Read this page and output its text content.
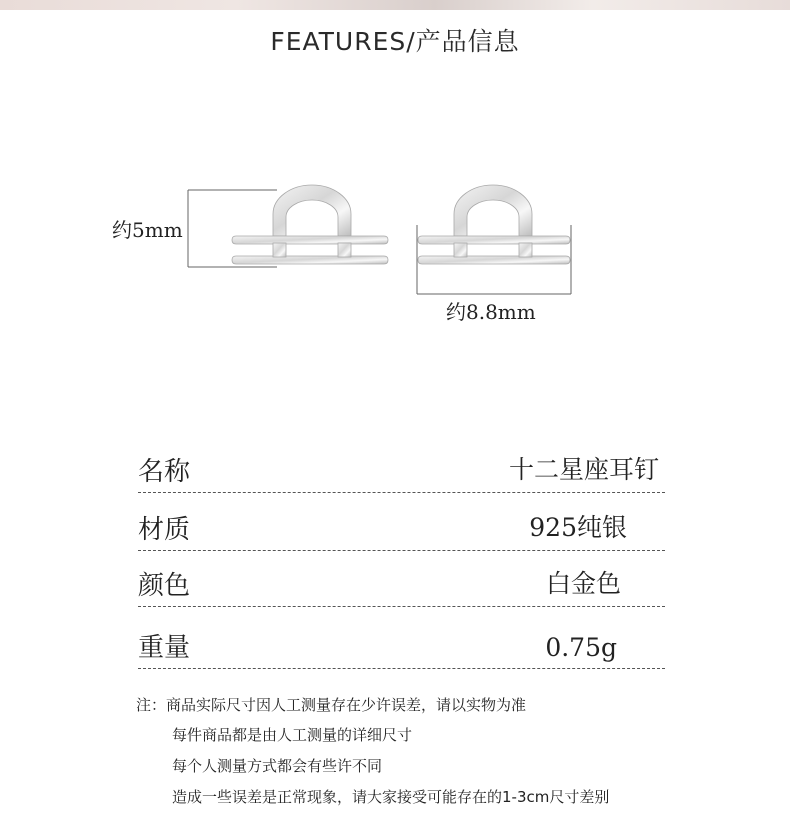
FEATURES/产品信息
约5mm
约8.8mm
名称	十二星座耳钉
材质	925纯银
颜色	白金色
重量	0.75g
注：商品实际尺寸因人工测量存在少许误差，请以实物为准
每件商品都是由人工测量的详细尺寸
每个人测量方式都会有些许不同
造成一些误差是正常现象，请大家接受可能存在的1-3cm尺寸差别
